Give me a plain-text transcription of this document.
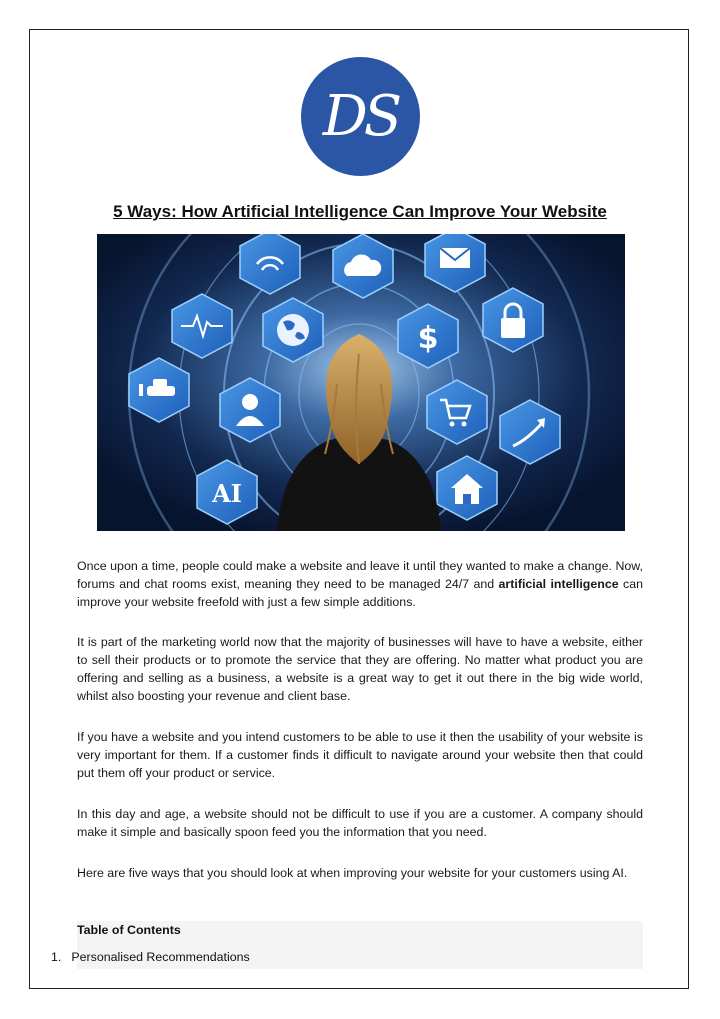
DS
5 Ways: How Artificial Intelligence Can Improve Your Website
$
AI

Once upon a time, people could make a website and leave it until they wanted to make a change. Now, forums and chat rooms exist, meaning they need to be managed 24/7 and artificial intelligence can improve your website freefold with just a few simple additions.

It is part of the marketing world now that the majority of businesses will have to have a website, either to sell their products or to promote the service that they are offering. No matter what product you are offering and selling as a business, a website is a great way to get it out there in the big wide world, whilst also boosting your revenue and client base.

If you have a website and you intend customers to be able to use it then the usability of your website is very important for them. If a customer finds it difficult to navigate around your website then that could put them off your product or service.

In this day and age, a website should not be difficult to use if you are a customer. A company should make it simple and basically spoon feed you the information that you need.

Here are five ways that you should look at when improving your website for your customers using AI.

Table of Contents
1. Personalised Recommendations
